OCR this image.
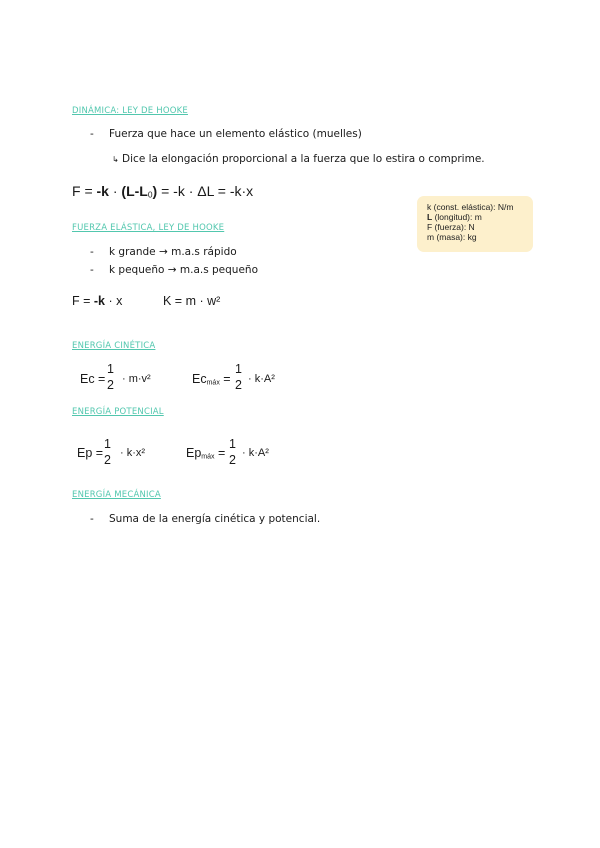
DINÁMICA: LEY DE HOOKE
- Fuerza que hace un elemento elástico (muelles)
↳ Dice la elongación proporcional a la fuerza que lo estira o comprime.
$F = -k \cdot (L-L_0) = -k \cdot \Delta L = -k\cdot x$
k (const. elástica): N/m
L (longitud): m
F (fuerza): N
m (masa): kg
FUERZA ELÁSTICA, LEY DE HOOKE
- k grande → m.a.s rápido
- k pequeño → m.a.s pequeño
F = -k · x	K = m · w²
ENERGÍA CINÉTICA
Ec =
1
2 · m·v²	$Ec_{máx}$ =
1
2 · k·A²
ENERGÍA POTENCIAL
Ep =
1
2 · k·x²	$Ep_{máx}$ =
1
2 · k·A²
ENERGÍA MECÁNICA
- Suma de la energía cinética y potencial.
